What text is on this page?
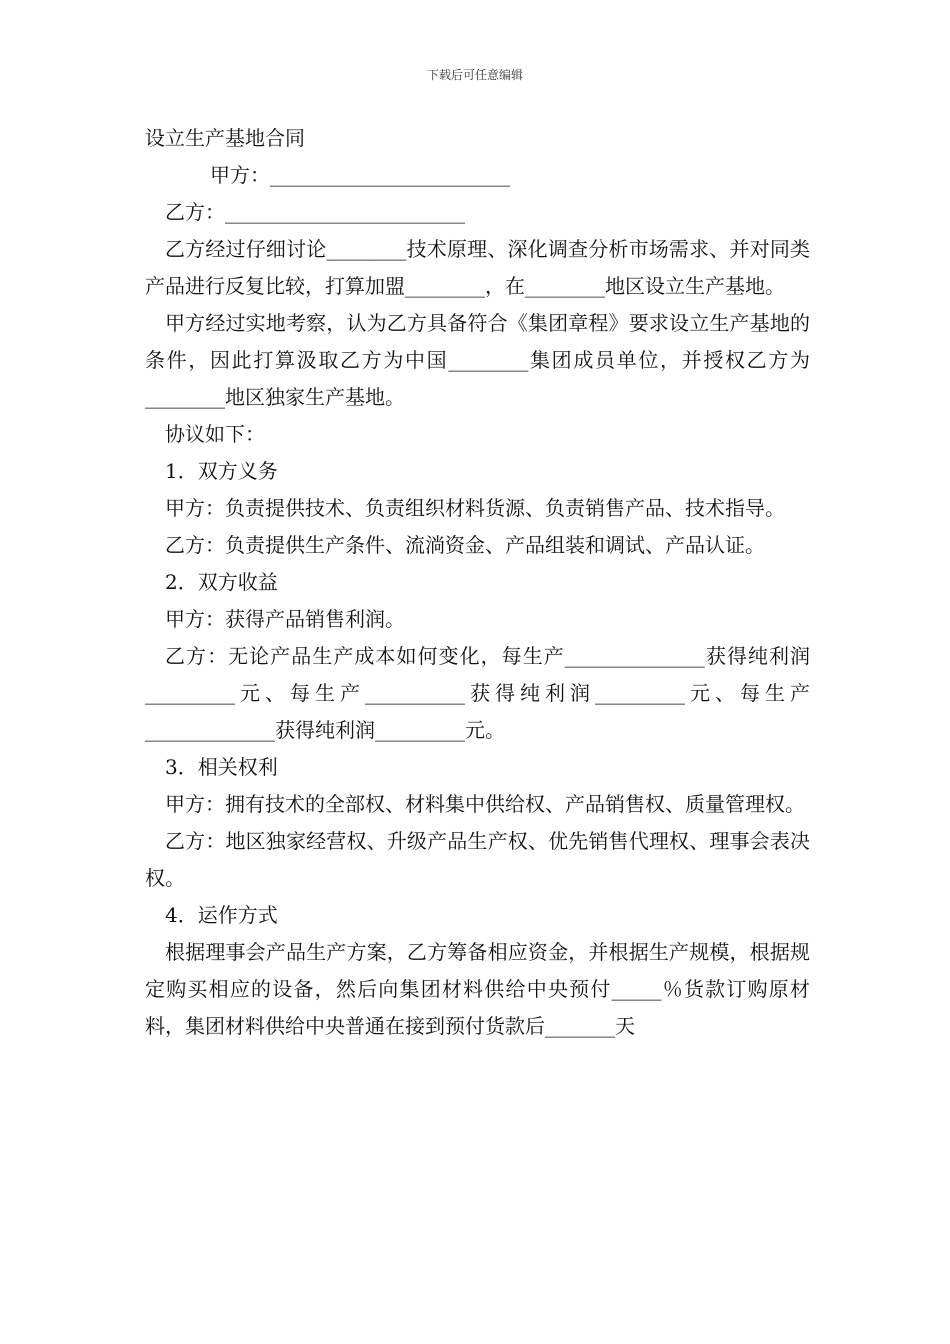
下载后可任意编辑

设立生产基地合同

甲方：________________________

乙方：________________________

乙方经过仔细讨论________技术原理、深化调查分析市场需求、并对同类产品进行反复比较，打算加盟________，在________地区设立生产基地。

甲方经过实地考察，认为乙方具备符合《集团章程》要求设立生产基地的条件，因此打算汲取乙方为中国________集团成员单位，并授权乙方为________地区独家生产基地。

协议如下：

1．双方义务

甲方：负责提供技术、负责组织材料货源、负责销售产品、技术指导。

乙方：负责提供生产条件、流淌资金、产品组装和调试、产品认证。

2．双方收益

甲方：获得产品销售利润。

乙方：无论产品生产成本如何变化，每生产______________获得纯利润_________元、每生产__________获得纯利润_________元、每生产_____________获得纯利润_________元。

3．相关权利

甲方：拥有技术的全部权、材料集中供给权、产品销售权、质量管理权。

乙方：地区独家经营权、升级产品生产权、优先销售代理权、理事会表决权。

4．运作方式

根据理事会产品生产方案，乙方筹备相应资金，并根据生产规模，根据规定购买相应的设备，然后向集团材料供给中央预付_____％货款订购原材料，集团材料供给中央普通在接到预付货款后_______天
